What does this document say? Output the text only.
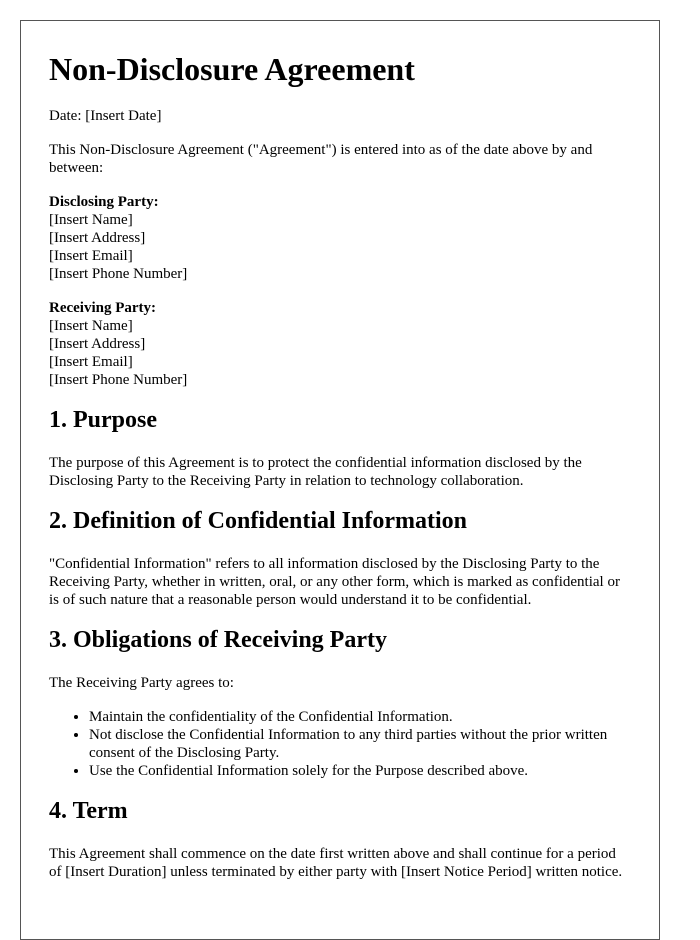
Non-Disclosure Agreement

Date: [Insert Date]

This Non-Disclosure Agreement ("Agreement") is entered into as of the date above by and between:

Disclosing Party:
[Insert Name]
[Insert Address]
[Insert Email]
[Insert Phone Number]
Receiving Party:
[Insert Name]
[Insert Address]
[Insert Email]
[Insert Phone Number]
1. Purpose

The purpose of this Agreement is to protect the confidential information disclosed by the Disclosing Party to the Receiving Party in relation to technology collaboration.

2. Definition of Confidential Information

"Confidential Information" refers to all information disclosed by the Disclosing Party to the Receiving Party, whether in written, oral, or any other form, which is marked as confidential or is of such nature that a reasonable person would understand it to be confidential.

3. Obligations of Receiving Party

The Receiving Party agrees to:

• Maintain the confidentiality of the Confidential Information.
• Not disclose the Confidential Information to any third parties without the prior written consent of the Disclosing Party.
• Use the Confidential Information solely for the Purpose described above.
4. Term

This Agreement shall commence on the date first written above and shall continue for a period of [Insert Duration] unless terminated by either party with [Insert Notice Period] written notice.
